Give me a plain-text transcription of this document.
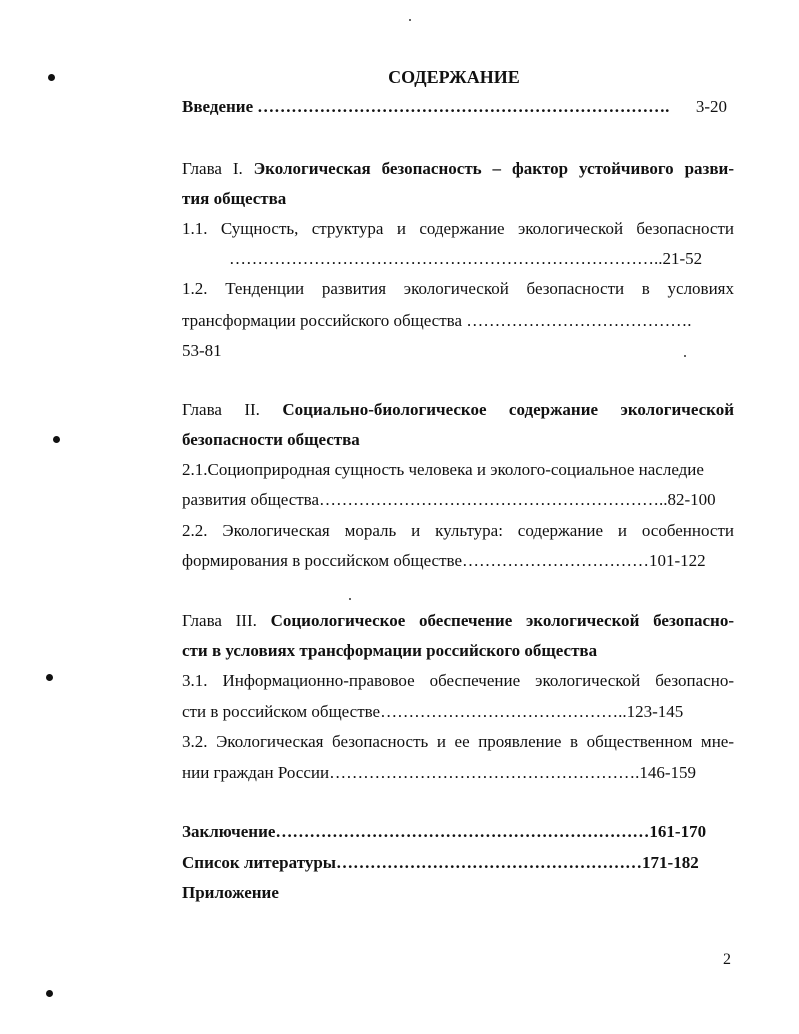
СОДЕРЖАНИЕ
Введение ……………………………………………………………….	3-20
Глава I. Экологическая безопасность – фактор устойчивого разви-
тия общества
1.1. Сущность, структура и содержание экологической безопасности
…………………………………………………………………..21-52
1.2. Тенденции развития экологической безопасности в условиях
трансформации российского общества ………………………………….
53-81
Глава II. Социально-биологическое содержание экологической
безопасности общества
2.1.Социоприродная сущность человека и эколого-социальное наследие
развития общества……………………………………………………..82-100
2.2. Экологическая мораль и культура: содержание и особенности
формирования в российском обществе……………………………101-122
Глава III. Социологическое обеспечение экологической безопасно-
сти в условиях трансформации российского общества
3.1. Информационно-правовое обеспечение экологической безопасно-
сти в российском обществе……………………………………..123-145
3.2. Экологическая безопасность и ее проявление в общественном мне-
нии граждан России……………………………………………….146-159
Заключение…………………………………………………………161-170
Список литературы………………………………………………171-182
Приложение
2
